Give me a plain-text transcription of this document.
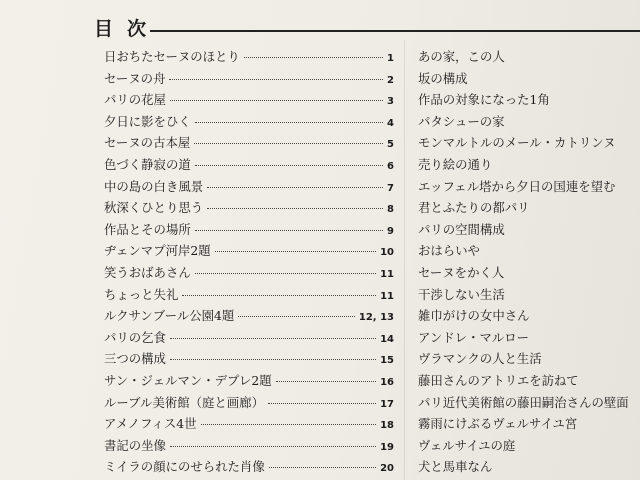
目次
日おちたセーヌのほとり	1
セーヌの舟	2
パリの花屋	3
夕日に影をひく	4
セーヌの古本屋	5
色づく静寂の道	6
中の島の白き風景	7
秋深くひとり思う	8
作品とその場所	9
ヂェンマプ河岸2題	10
笑うおばあさん	11
ちょっと失礼	11
ルクサンブール公園4題	12, 13
パリの乞食	14
三つの構成	15
サン・ジェルマン・デプレ2題	16
ルーブル美術館（庭と画廊）	17
アメノフィス4世	18
書記の坐像	19
ミイラの顔にのせられた肖像	20
あの家，この人
坂の構成
作品の対象になった1角
パタシューの家
モンマルトルのメール・カトリンヌ
売り絵の通り
エッフェル塔から夕日の国連を望む
君とふたりの都パリ
パリの空間構成
おはらいや
セーヌをかく人
干渉しない生活
雑巾がけの女中さん
アンドレ・マルロー
ヴラマンクの人と生活
藤田さんのアトリエを訪ねて
パリ近代美術館の藤田嗣治さんの壁面
霧雨にけぶるヴェルサイユ宮
ヴェルサイユの庭
犬と馬車なん
